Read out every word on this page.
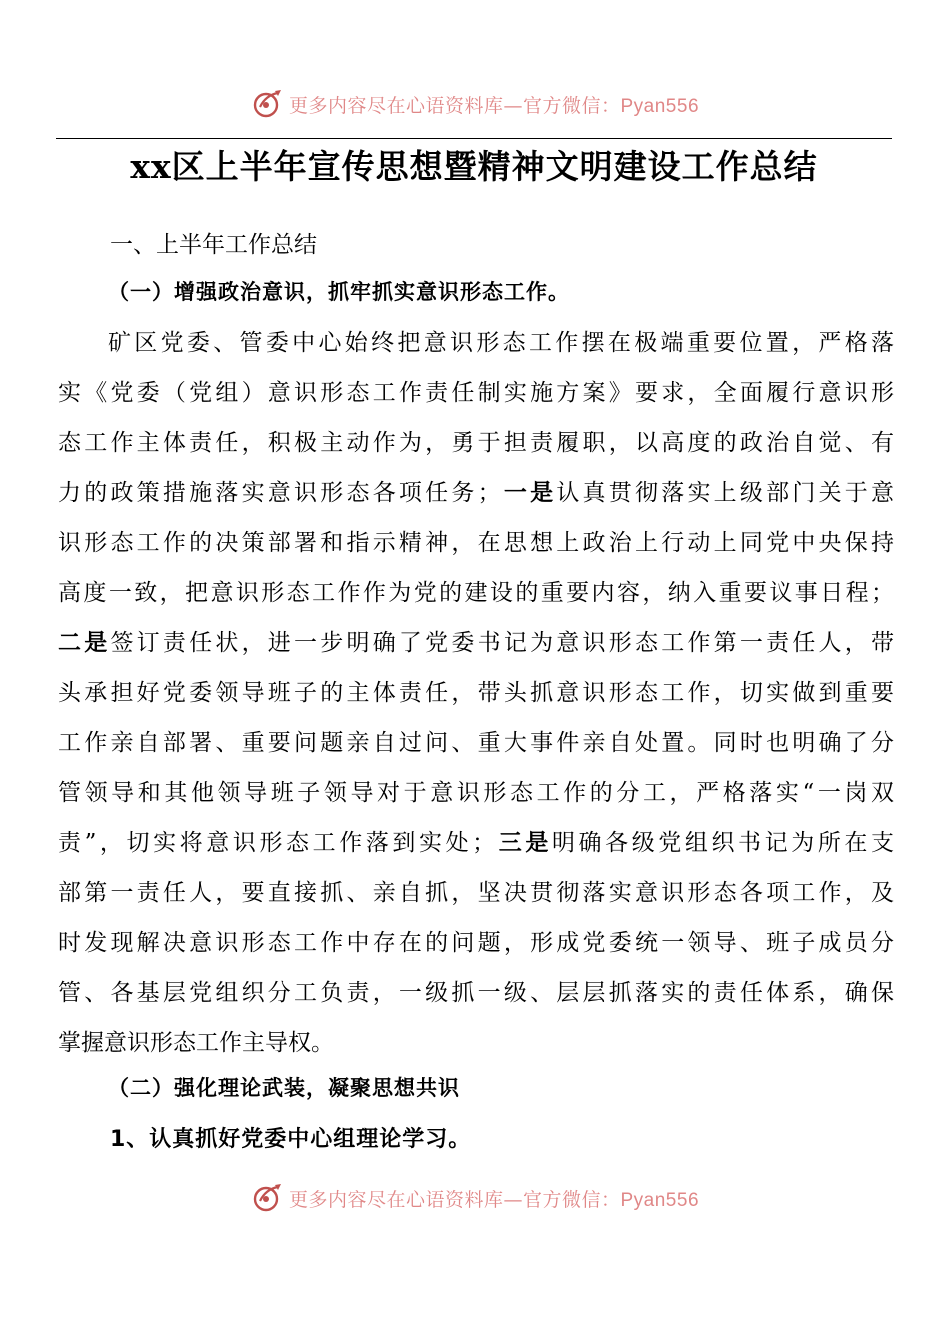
更多内容尽在心语资料库—官方微信：Pyan556
xx区上半年宣传思想暨精神文明建设工作总结
一、上半年工作总结
（一）增强政治意识，抓牢抓实意识形态工作。
矿区党委、管委中心始终把意识形态工作摆在极端重要位置，严格落
实《党委（党组）意识形态工作责任制实施方案》要求，全面履行意识形
态工作主体责任，积极主动作为，勇于担责履职，以高度的政治自觉、有
力的政策措施落实意识形态各项任务；一是认真贯彻落实上级部门关于意
识形态工作的决策部署和指示精神，在思想上政治上行动上同党中央保持
高度一致，把意识形态工作作为党的建设的重要内容，纳入重要议事日程；
二是签订责任状，进一步明确了党委书记为意识形态工作第一责任人，带
头承担好党委领导班子的主体责任，带头抓意识形态工作，切实做到重要
工作亲自部署、重要问题亲自过问、重大事件亲自处置。同时也明确了分
管领导和其他领导班子领导对于意识形态工作的分工，严格落实“一岗双
责”，切实将意识形态工作落到实处；三是明确各级党组织书记为所在支
部第一责任人，要直接抓、亲自抓，坚决贯彻落实意识形态各项工作，及
时发现解决意识形态工作中存在的问题，形成党委统一领导、班子成员分
管、各基层党组织分工负责，一级抓一级、层层抓落实的责任体系，确保
掌握意识形态工作主导权。
（二）强化理论武装，凝聚思想共识
1、认真抓好党委中心组理论学习。
更多内容尽在心语资料库—官方微信：Pyan556
